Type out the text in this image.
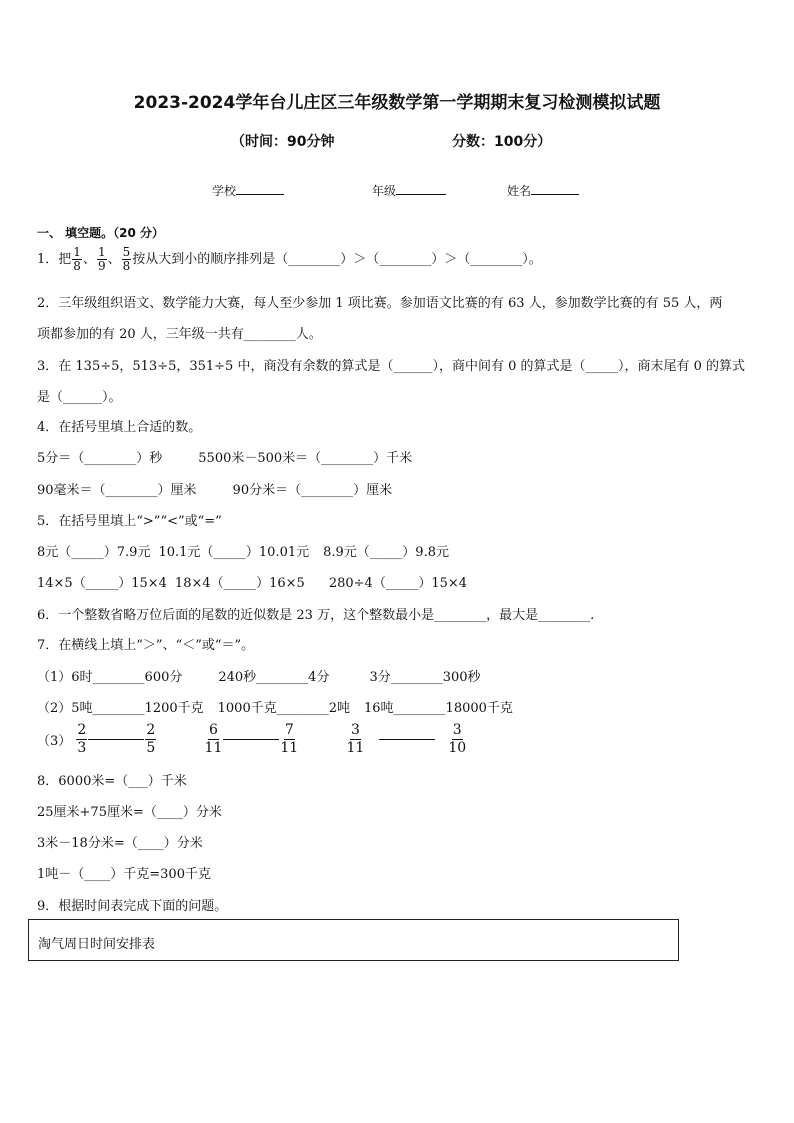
2023-2024学年台儿庄区三年级数学第一学期期末复习检测模拟试题
（时间：90分钟	分数：100分）
学校	年级	姓名
一、 填空题。（20 分）
1．把 $\frac{1}{8}$ 、 $\frac{1}{9}$ 、 $\frac{5}{8}$ 按从大到小的顺序排列是（________）＞（________）＞（________）。
2．三年级组织语文、数学能力大赛，每人至少参加 1 项比赛。参加语文比赛的有 63 人，参加数学比赛的有 55 人，两
项都参加的有 20 人，三年级一共有________人。
3．在 135÷5，513÷5，351÷5 中，商没有余数的算式是（______），商中间有 0 的算式是（_____），商末尾有 0 的算式
是（______）。
4．在括号里填上合适的数。
5分＝（________）秒	5500米－500米＝（________）千米
90毫米＝（________）厘米	90分米＝（________）厘米
5．在括号里填上“>”“<”或“=”
8元（_____）7.9元 10.1元（_____）10.01元 8.9元（_____）9.8元
14×5（_____）15×4 18×4（_____）16×5 280÷4（_____）15×4
6．一个整数省略万位后面的尾数的近似数是 23 万，这个整数最小是________，最大是________.
7．在横线上填上“＞”、“＜”或“＝”。
（1）6时________600分	240秒________4分	3分________300秒
（2）5吨________1200千克 1000千克________2吨 16吨________18000千克
$(3) \frac{2}{3}$	$\frac{2}{5}$
	$\frac{6}{11}$	$\frac{7}{11}$
	$\frac{3}{11}$	$\frac{3}{10}$
8．6000米=（___）千米
25厘米+75厘米=（____）分米
3米－18分米=（____）分米
1吨－（____）千克=300千克
9．根据时间表完成下面的问题。
淘气周日时间安排表
